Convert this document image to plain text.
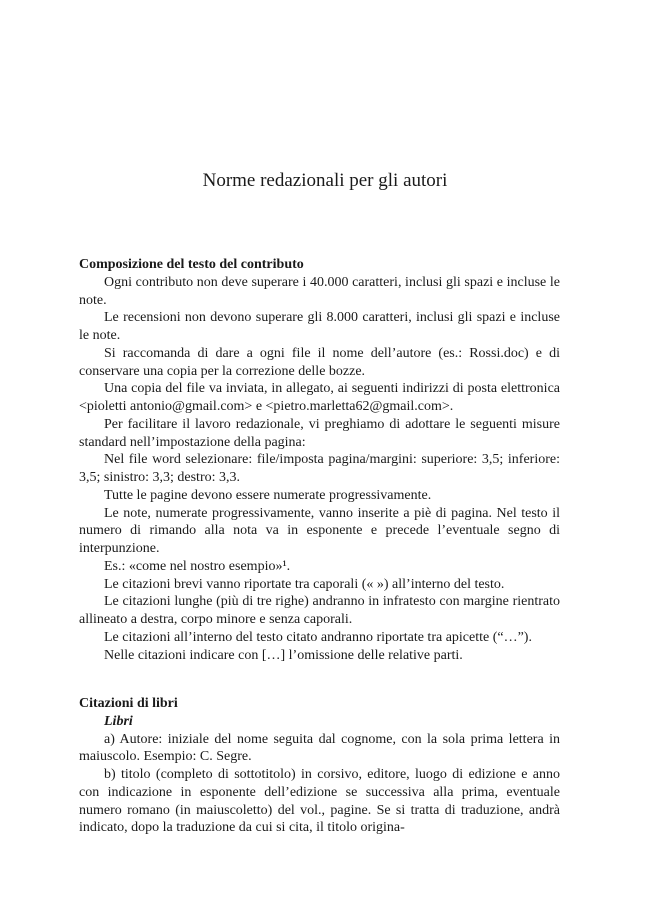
Norme redazionali per gli autori
Composizione del testo del contributo

Ogni contributo non deve superare i 40.000 caratteri, inclusi gli spazi e incluse le note.

Le recensioni non devono superare gli 8.000 caratteri, inclusi gli spazi e incluse le note.

Si raccomanda di dare a ogni file il nome dell’autore (es.: Rossi.doc) e di conservare una copia per la correzione delle bozze.

Una copia del file va inviata, in allegato, ai seguenti indirizzi di posta elettronica <pioletti antonio@gmail.com> e <pietro.marletta62@gmail.com>.

Per facilitare il lavoro redazionale, vi preghiamo di adottare le seguenti misure standard nell’impostazione della pagina:

Nel file word selezionare: file/imposta pagina/margini: superiore: 3,5; inferiore: 3,5; sinistro: 3,3; destro: 3,3.

Tutte le pagine devono essere numerate progressivamente.

Le note, numerate progressivamente, vanno inserite a piè di pagina. Nel testo il numero di rimando alla nota va in esponente e precede l’eventuale segno di interpunzione.

Es.: «come nel nostro esempio»¹.

Le citazioni brevi vanno riportate tra caporali (« ») all’interno del testo.

Le citazioni lunghe (più di tre righe) andranno in infratesto con margine rientrato allineato a destra, corpo minore e senza caporali.

Le citazioni all’interno del testo citato andranno riportate tra apicette (“…”).

Nelle citazioni indicare con […] l’omissione delle relative parti.

Citazioni di libri
Libri

a) Autore: iniziale del nome seguita dal cognome, con la sola prima lettera in maiuscolo. Esempio: C. Segre.

b) titolo (completo di sottotitolo) in corsivo, editore, luogo di edizione e anno con indicazione in esponente dell’edizione se successiva alla prima, eventuale numero romano (in maiuscoletto) del vol., pagine. Se si tratta di traduzione, andrà indicato, dopo la traduzione da cui si cita, il titolo origina-
